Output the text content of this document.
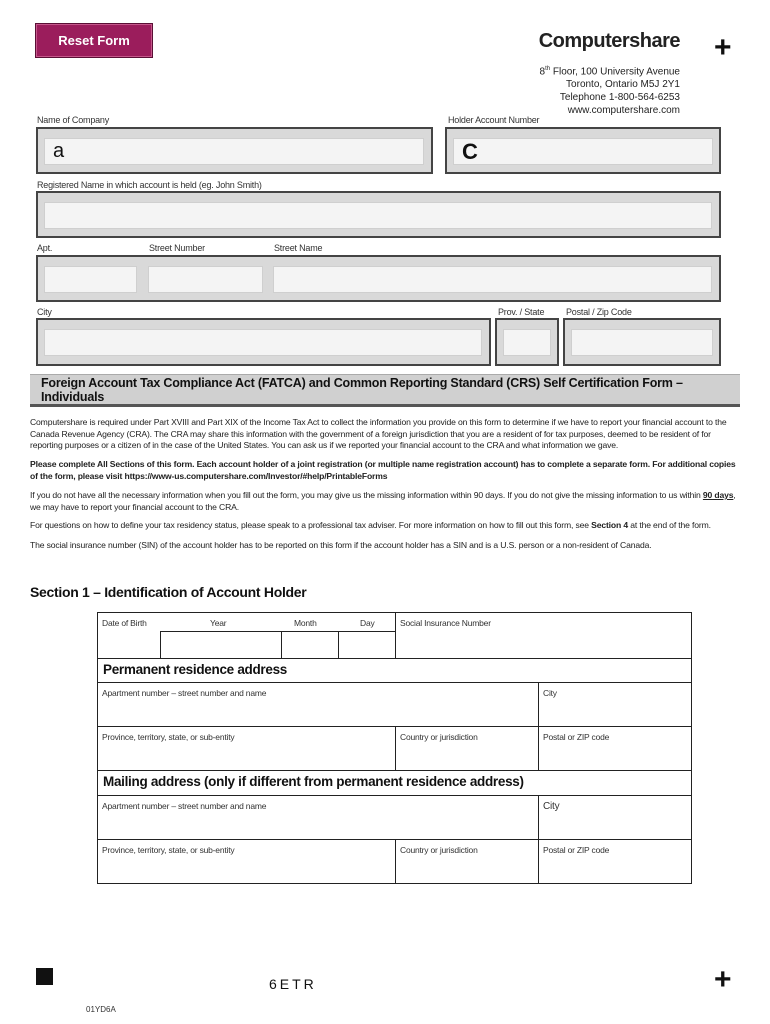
Reset Form	+
Computershare
8th Floor, 100 University Avenue
Toronto, Ontario M5J 2Y1
Telephone 1-800-564-6253
www.computershare.com
Name of Company	Holder Account Number
a	C
Registered Name in which account is held (eg. John Smith)
Apt.	Street Number	Street Name
City	Prov. / State Postal / Zip Code
Foreign Account Tax Compliance Act (FATCA) and Common Reporting Standard (CRS) Self Certification Form – Individuals
Computershare is required under Part XVIII and Part XIX of the Income Tax Act to collect the information you provide on this form to determine if we have to report your financial account to the Canada Revenue Agency (CRA). The CRA may share this information with the government of a foreign jurisdiction that you are a resident of for tax purposes, deemed to be resident of for reporting purposes or a citizen of in the case of the United States. You can ask us if we reported your financial account to the CRA and what information we gave.
Please complete All Sections of this form. Each account holder of a joint registration (or multiple name registration account) has to complete a separate form. For additional copies of the form, please visit https://www-us.computershare.com/Investor/#help/PrintableForms
If you do not have all the necessary information when you fill out the form, you may give us the missing information within 90 days. If you do not give the missing information to us within 90 days, we may have to report your financial account to the CRA.
For questions on how to define your tax residency status, please speak to a professional tax adviser. For more information on how to fill out this form, see Section 4 at the end of the form.
The social insurance number (SIN) of the account holder has to be reported on this form if the account holder has a SIN and is a U.S. person or a non-resident of Canada.
Section 1 – Identification of Account Holder
Date of Birth	Year	Month	Day	Social Insurance Number
Permanent residence address
Apartment number – street number and name	City
Province, territory, state, or sub-entity	Country or jurisdiction	Postal or ZIP code
Mailing address (only if different from permanent residence address)
Apartment number – street number and name	City
Province, territory, state, or sub-entity	Country or jurisdiction	Postal or ZIP code
6ETR	+
01YD6A
